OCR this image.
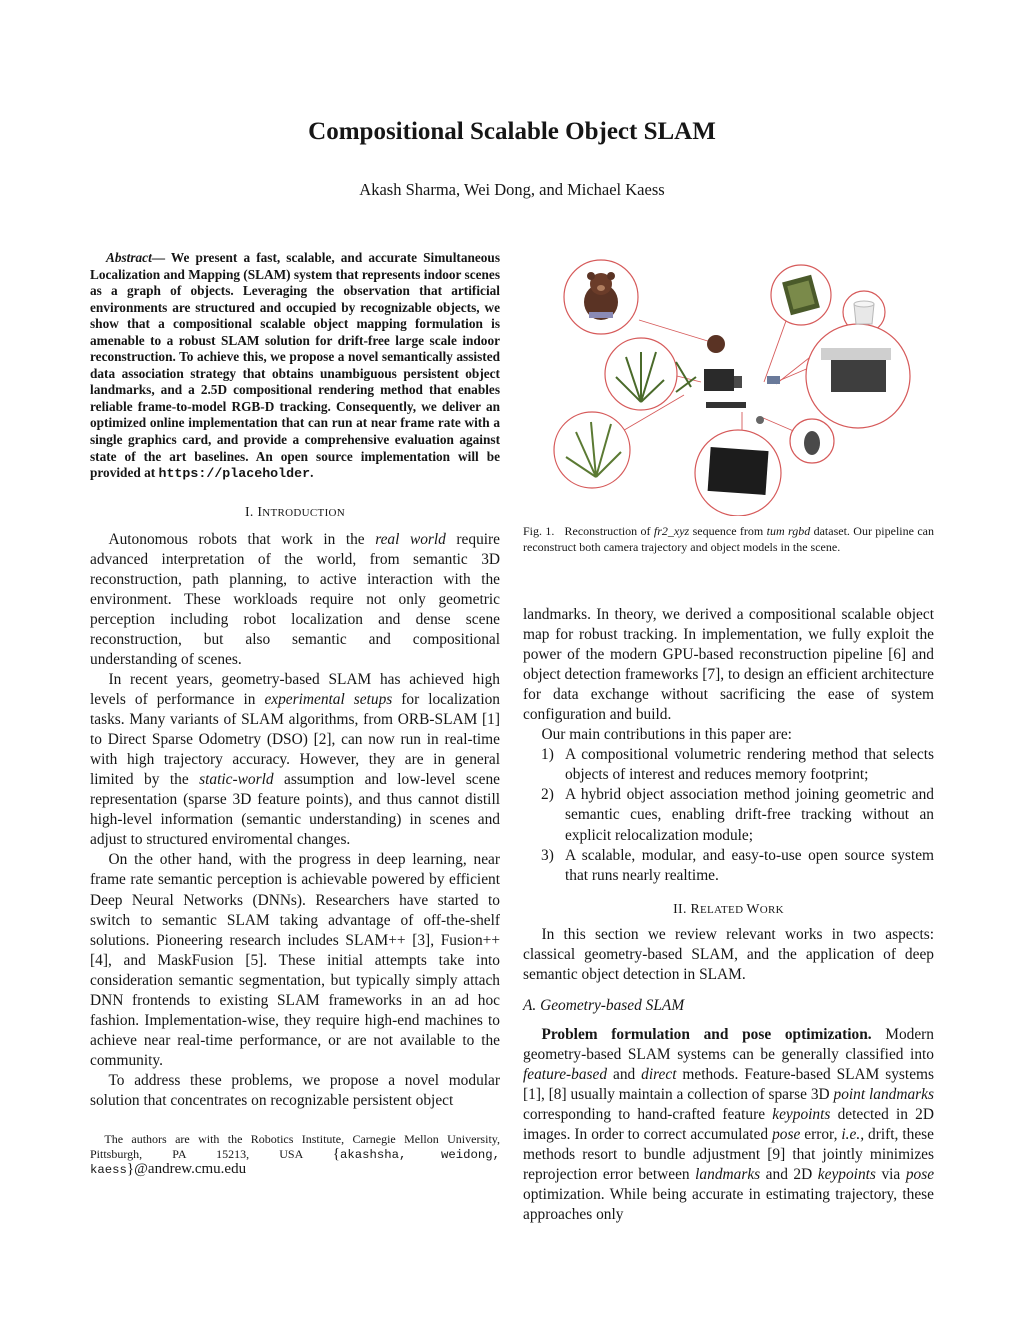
Compositional Scalable Object SLAM
Akash Sharma, Wei Dong, and Michael Kaess

Abstract— We present a fast, scalable, and accurate Simultaneous Localization and Mapping (SLAM) system that represents indoor scenes as a graph of objects. Leveraging the observation that artificial environments are structured and occupied by recognizable objects, we show that a compositional scalable object mapping formulation is amenable to a robust SLAM solution for drift-free large scale indoor reconstruction. To achieve this, we propose a novel semantically assisted data association strategy that obtains unambiguous persistent object landmarks, and a 2.5D compositional rendering method that enables reliable frame-to-model RGB-D tracking. Consequently, we deliver an optimized online implementation that can run at near frame rate with a single graphics card, and provide a comprehensive evaluation against state of the art baselines. An open source implementation will be provided at https://placeholder.

I. INTRODUCTION

Autonomous robots that work in the real world require advanced interpretation of the world, from semantic 3D reconstruction, path planning, to active interaction with the environment. These workloads require not only geometric perception including robot localization and dense scene reconstruction, but also semantic and compositional understanding of scenes.

In recent years, geometry-based SLAM has achieved high levels of performance in experimental setups for localization tasks. Many variants of SLAM algorithms, from ORB-SLAM [1] to Direct Sparse Odometry (DSO) [2], can now run in real-time with high trajectory accuracy. However, they are in general limited by the static-world assumption and low-level scene representation (sparse 3D feature points), and thus cannot distill high-level information (semantic understanding) in scenes and adjust to structured enviromental changes.

On the other hand, with the progress in deep learning, near frame rate semantic perception is achievable powered by efficient Deep Neural Networks (DNNs). Researchers have started to switch to semantic SLAM taking advantage of off-the-shelf solutions. Pioneering research includes SLAM++ [3], Fusion++ [4], and MaskFusion [5]. These initial attempts take into consideration semantic segmentation, but typically simply attach DNN frontends to existing SLAM frameworks in an ad hoc fashion. Implementation-wise, they require high-end machines to achieve near real-time performance, or are not available to the community.

To address these problems, we propose a novel modular solution that concentrates on recognizable persistent object

The authors are with the Robotics Institute, Carnegie Mellon University, Pittsburgh, PA 15213, USA {akashsha, weidong, kaess}@andrew.cmu.edu

Fig. 1. Reconstruction of fr2_xyz sequence from tum rgbd dataset. Our pipeline can reconstruct both camera trajectory and object models in the scene.

landmarks. In theory, we derived a compositional scalable object map for robust tracking. In implementation, we fully exploit the power of the modern GPU-based reconstruction pipeline [6] and object detection frameworks [7], to design an efficient architecture for data exchange without sacrificing the ease of system configuration and build.

Our main contributions in this paper are:

1) A compositional volumetric rendering method that selects objects of interest and reduces memory footprint;
2) A hybrid object association method joining geometric and semantic cues, enabling drift-free tracking without an explicit relocalization module;
3) A scalable, modular, and easy-to-use open source system that runs nearly realtime.
II. RELATED WORK

In this section we review relevant works in two aspects: classical geometry-based SLAM, and the application of deep semantic object detection in SLAM.

A. Geometry-based SLAM

Problem formulation and pose optimization. Modern geometry-based SLAM systems can be generally classified into feature-based and direct methods. Feature-based SLAM systems [1], [8] usually maintain a collection of sparse 3D point landmarks corresponding to hand-crafted feature keypoints detected in 2D images. In order to correct accumulated pose error, i.e., drift, these methods resort to bundle adjustment [9] that jointly minimizes reprojection error between landmarks and 2D keypoints via pose optimization. While being accurate in estimating trajectory, these approaches only
